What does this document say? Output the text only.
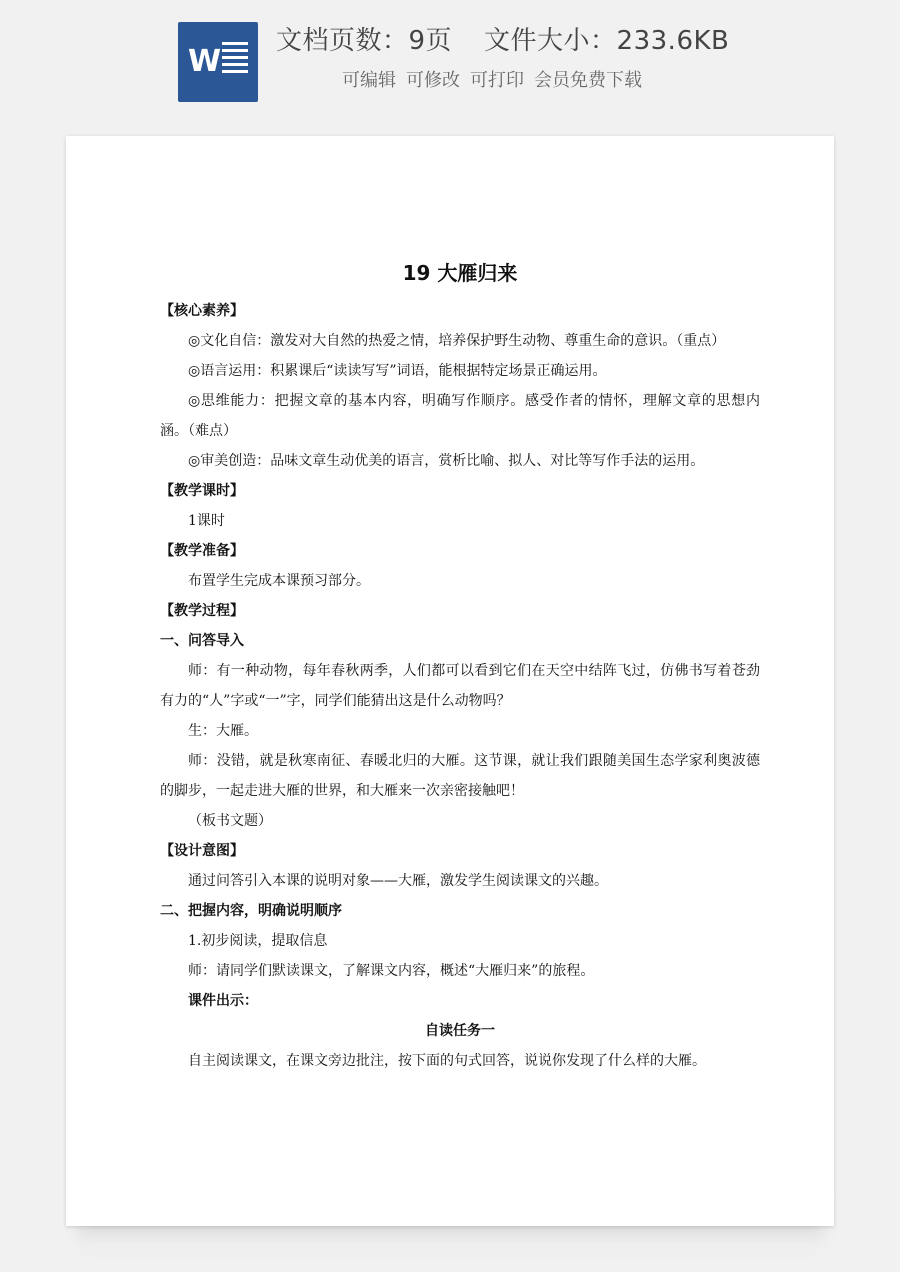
W
文档页数：9页 文件大小：233.6KB
可编辑 可修改 可打印 会员免费下载
19 大雁归来
【核心素养】
◎文化自信：激发对大自然的热爱之情，培养保护野生动物、尊重生命的意识。（重点）
◎语言运用：积累课后“读读写写”词语，能根据特定场景正确运用。
◎思维能力：把握文章的基本内容，明确写作顺序。感受作者的情怀，理解文章的思想内涵。（难点）
◎审美创造：品味文章生动优美的语言，赏析比喻、拟人、对比等写作手法的运用。
【教学课时】
1课时
【教学准备】
布置学生完成本课预习部分。
【教学过程】
一、问答导入
师：有一种动物，每年春秋两季，人们都可以看到它们在天空中结阵飞过，仿佛书写着苍劲有力的“人”字或“一”字，同学们能猜出这是什么动物吗？
生：大雁。
师：没错，就是秋寒南征、春暖北归的大雁。这节课，就让我们跟随美国生态学家利奥波德的脚步，一起走进大雁的世界，和大雁来一次亲密接触吧！
（板书文题）
【设计意图】
通过问答引入本课的说明对象——大雁，激发学生阅读课文的兴趣。
二、把握内容，明确说明顺序
1.初步阅读，提取信息
师：请同学们默读课文，了解课文内容，概述“大雁归来”的旅程。
课件出示：
自读任务一
自主阅读课文，在课文旁边批注，按下面的句式回答，说说你发现了什么样的大雁。
